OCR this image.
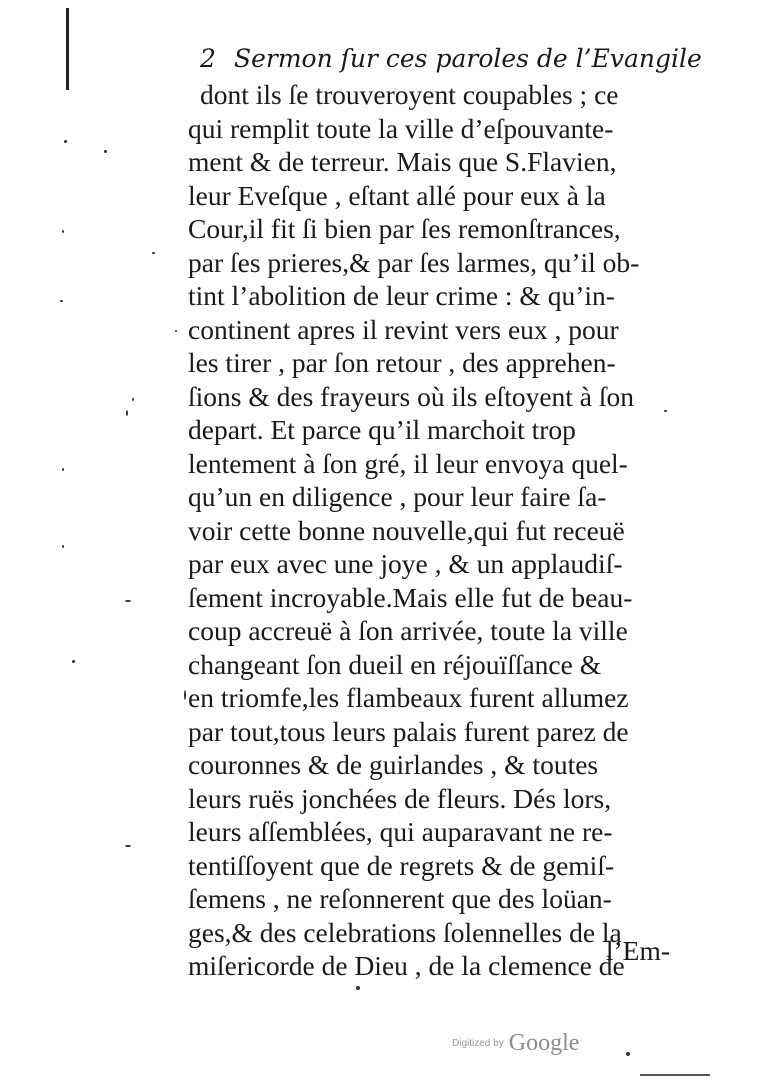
2 Sermon ſur ces paroles de l’Evangile
dont ils ſe trouveroyent coupables ; ce
qui remplit toute la ville d’eſpouvante-
ment & de terreur. Mais que S.Flavien,
leur Eveſque , eſtant allé pour eux à la
Cour,il fit ſi bien par ſes remonſtrances,
par ſes prieres,& par ſes larmes, qu’il ob-
tint l’abolition de leur crime : & qu’in-
continent apres il revint vers eux , pour
les tirer , par ſon retour , des apprehen-
ſions & des frayeurs où ils eſtoyent à ſon
depart. Et parce qu’il marchoit trop
lentement à ſon gré, il leur envoya quel-
qu’un en diligence , pour leur faire ſa-
voir cette bonne nouvelle,qui fut receuë
par eux avec une joye , & un applaudiſ-
ſement incroyable.Mais elle fut de beau-
coup accreuë à ſon arrivée, toute la ville
changeant ſon dueil en réjouïſſance &
en triomfe,les flambeaux furent allumez
par tout,tous leurs palais furent parez de
couronnes & de guirlandes , & toutes
leurs ruës jonchées de fleurs. Dés lors,
leurs aſſemblées, qui auparavant ne re-
tentiſſoyent que de regrets & de gemiſ-
ſemens , ne reſonnerent que des loüan-
ges,& des celebrations ſolennelles de la
miſericorde de Dieu , de la clemence de
l’Em-
Digitized by Google
